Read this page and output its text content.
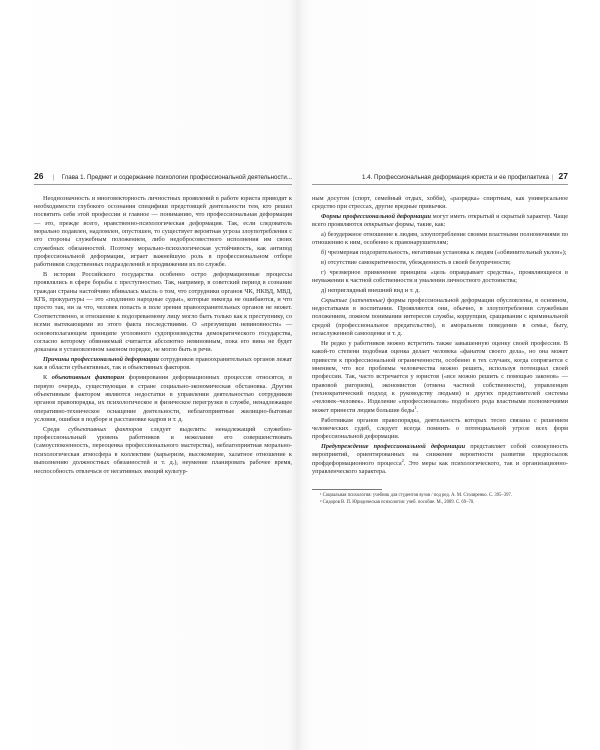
26 | Глава 1. Предмет и содержание психологии профессиональной деятельности...

Неоднозначность и многовекторность личностных проявлений в работе юриста приводят к необходимости глубокого осознания специфики предстоящей деятельности тем, кто решил посвятить себя этой профессии и главное — пониманию, что профессиональная деформация — это, прежде всего, нравственно-психологическая деформация. Так, если следователь морально подавлен, надломлен, опустошен, то существует вероятная угроза злоупотребления с его стороны служебным положением, либо недобросовестного исполнения им своих служебных обязанностей. Поэтому морально-психологическая устойчивость, как антипод профессиональной деформации, играет важнейшую роль в профессиональном отборе работников следственных подразделений и продвижении их по службе.

В истории Российского государства особенно остро деформационные процессы проявлялись в сфере борьбы с преступностью. Так, например, в советский период в сознание граждан страны настойчиво вбивалась мысль о том, что сотрудники органов ЧК, НКВД, МВД, КГБ, прокуратуры — это «подлинно народные судьи», которые никогда не ошибаются, и что просто так, ни за что, человек попасть в поле зрения правоохранительных органов не может. Соответственно, и отношение к подозреваемому лицу могло быть только как к преступнику, со всеми вытекающими из этого факта последствиями. О «презумпции невиновности» — основополагающем принципе уголовного судопроизводства демократического государства, согласно которому обвиняемый считается абсолютно невиновным, пока его вина не будет доказана в установленном законом порядке, не могло быть и речи.

Причины профессиональной деформации сотрудников правоохранительных органов лежат как в области субъективных, так и объективных факторов.

К объективным факторам формирования деформационных процессов относятся, в первую очередь, существующая в стране социально-экономическая обстановка. Другим объективным фактором являются недостатки в управлении деятельностью сотрудников органов правопорядка, их психологическое и физическое перегрузки в службе, ненадлежащее оперативно-техническое оснащение деятельности, неблагоприятные жилищно-бытовые условия, ошибки в подборе и расстановке кадров и т. д.

Среди субъективных факторов следует выделить: ненадлежащий служебно-профессиональный уровень работников и нежелание его совершенствовать (самоуспокоенность, переоценка профессионального мастерства), неблагоприятная морально-психологическая атмосфера в коллективе (карьеризм, высокомерие, халатное отношение к выполнению должностных обязанностей и т. д.), неумение планировать рабочее время, неспособность отвлечься от негативных эмоций культур-

1.4. Профессиональная деформация юриста и ее профилактика | 27

ным досугом (спорт, семейный отдых, хобби), «разрядка» спиртным, как универсальное средство при стрессах, другие вредные привычки.

Формы профессиональной деформации могут иметь открытый и скрытый характер. Чаще всего проявляются открытые формы, такие, как:

а) безудержное отношение к людям, злоупотребление своими властными полномочиями по отношению к ним, особенно к правонарушителям;
б) чрезмерная подозрительность, негативная установка к людям («обвинительный уклон»);
в) отсутствие самокритичности, убежденность в своей безупречности;
г) чрезмерное применение принципа «цель оправдывает средства», проявляющееся в неуважении к частной собственности и умалении личностного достоинства;
д) неприглядный внешний вид и т. д.

Скрытые (латентные) формы профессиональной деформации обусловлены, в основном, недостатками в воспитании. Проявляются они, обычно, в злоупотреблении служебным положением, ложном понимании интересов службы, коррупции, сращивании с криминальной средой (профессиональное предательство), в аморальном поведении в семье, быту, незаслуженной самооценке и т. д.

Не редко у работников можно встретить также завышенную оценку своей профессии. В какой-то степени подобная оценка делает человека «фанатом своего дела», но она может привести к профессиональной ограниченности, особенно в тех случаях, когда сопрягается с мнением, что все проблемы человечества можно решить, используя потенциал своей профессии. Так, часто встречается у юристов («все можно решить с помощью законов» — правовой ригоризм), экономистов (отмена частной собственности), управленцев (технократический подход к руководству людьми) и других представителей системы «человек–человек». Изделение «профессионалов» подобного рода властными полномочиями может принести людям большие беды$^1$.

Работникам органов правопорядка, деятельность которых тесно связана с решением человеческих судеб, следует всегда помнить о потенциальной угрозе всех форм профессиональной деформации.

Предупреждение профессиональной деформации представляет собой совокупность мероприятий, ориентированных на снижение вероятности развития предпосылок профдеформационного процесса$^2$. Это меры как психологического, так и организационно-управленческого характера.

¹ Социальная психология: учебник для студентов вузов / под ред. А. М. Столяренко. С. 395–397.

² Сидоров В. П. Юридическая психология: учеб. пособие. М., 2009. С. 69–70.
